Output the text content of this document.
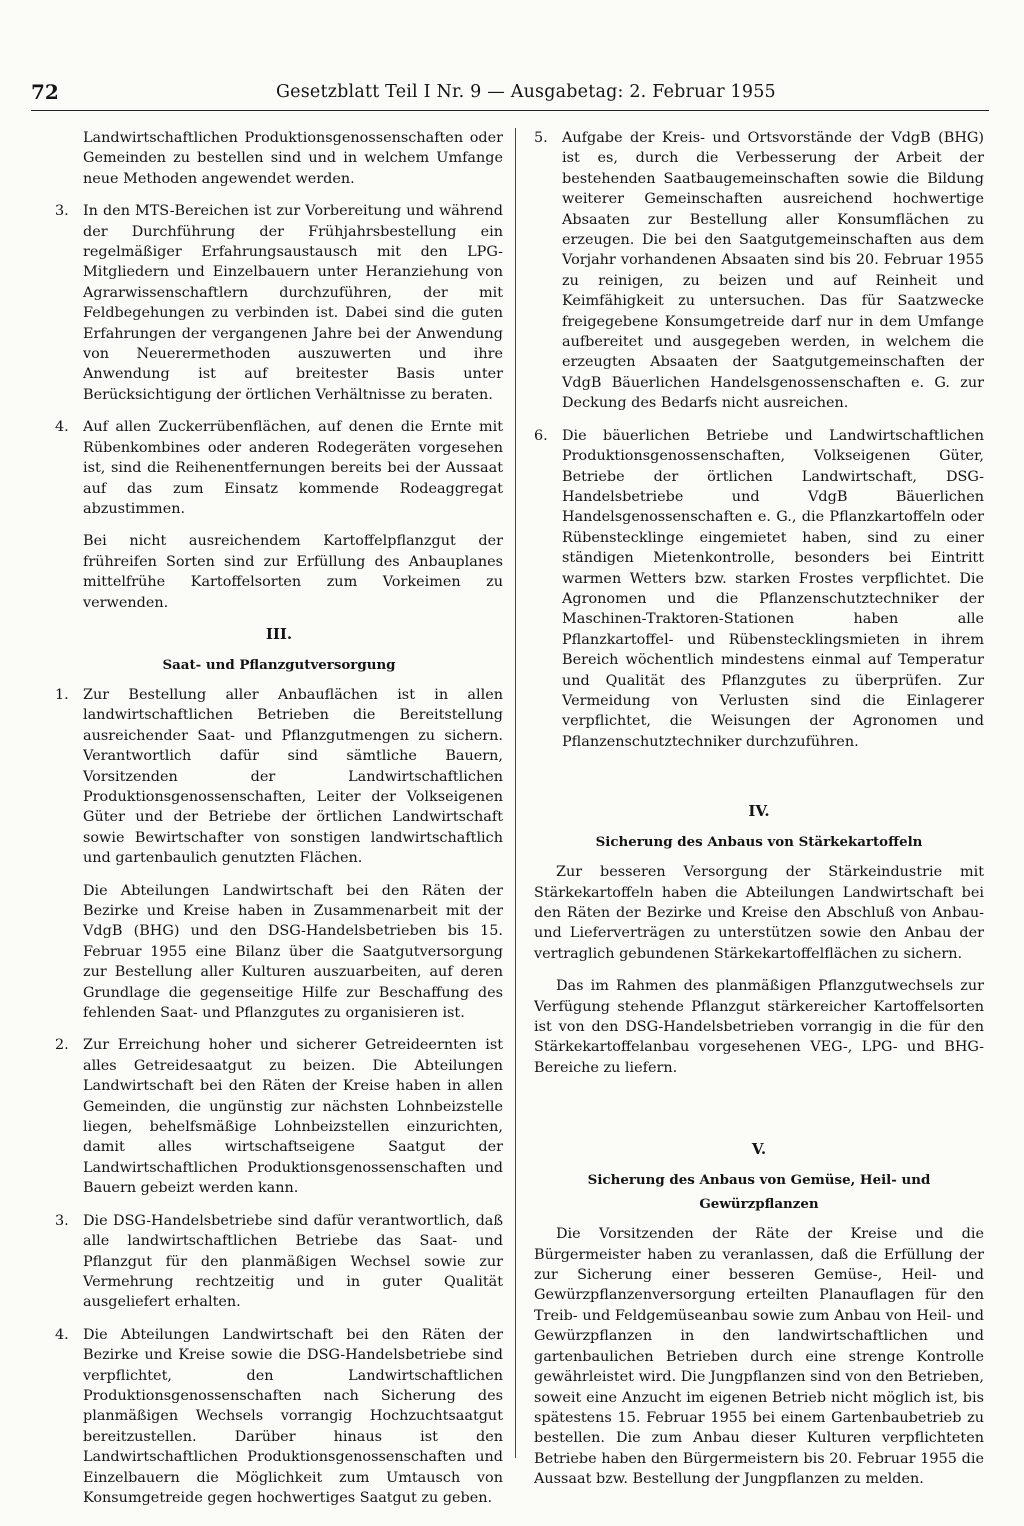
72	Gesetzblatt Teil I Nr. 9 — Ausgabetag: 2. Februar 1955

Landwirtschaftlichen Produktionsgenossenschaften oder Gemeinden zu bestellen sind und in welchem Umfange neue Methoden angewendet werden.

3. In den MTS-Bereichen ist zur Vorbereitung und während der Durchführung der Frühjahrsbestellung ein regelmäßiger Erfahrungsaustausch mit den LPG-Mitgliedern und Einzelbauern unter Heranziehung von Agrarwissenschaftlern durchzuführen, der mit Feldbegehungen zu verbinden ist. Dabei sind die guten Erfahrungen der vergangenen Jahre bei der Anwendung von Neuerermethoden auszuwerten und ihre Anwendung ist auf breitester Basis unter Berücksichtigung der örtlichen Verhältnisse zu beraten.
4. Auf allen Zuckerrübenflächen, auf denen die Ernte mit Rübenkombines oder anderen Rodegeräten vorgesehen ist, sind die Reihenentfernungen bereits bei der Aussaat auf das zum Einsatz kommende Rodeaggregat abzustimmen.

Bei nicht ausreichendem Kartoffelpflanzgut der frühreifen Sorten sind zur Erfüllung des Anbauplanes mittelfrühe Kartoffelsorten zum Vorkeimen zu verwenden.

III.
Saat- und Pflanzgutversorgung
1. Zur Bestellung aller Anbauflächen ist in allen landwirtschaftlichen Betrieben die Bereitstellung ausreichender Saat- und Pflanzgutmengen zu sichern. Verantwortlich dafür sind sämtliche Bauern, Vorsitzenden der Landwirtschaftlichen Produktionsgenossenschaften, Leiter der Volkseigenen Güter und der Betriebe der örtlichen Landwirtschaft sowie Bewirtschafter von sonstigen landwirtschaftlich und gartenbaulich genutzten Flächen.

Die Abteilungen Landwirtschaft bei den Räten der Bezirke und Kreise haben in Zusammenarbeit mit der VdgB (BHG) und den DSG-Handelsbetrieben bis 15. Februar 1955 eine Bilanz über die Saatgutversorgung zur Bestellung aller Kulturen auszuarbeiten, auf deren Grundlage die gegenseitige Hilfe zur Beschaffung des fehlenden Saat- und Pflanzgutes zu organisieren ist.

2. Zur Erreichung hoher und sicherer Getreideernten ist alles Getreidesaatgut zu beizen. Die Abteilungen Landwirtschaft bei den Räten der Kreise haben in allen Gemeinden, die ungünstig zur nächsten Lohnbeizstelle liegen, behelfsmäßige Lohnbeizstellen einzurichten, damit alles wirtschaftseigene Saatgut der Landwirtschaftlichen Produktionsgenossenschaften und Bauern gebeizt werden kann.
3. Die DSG-Handelsbetriebe sind dafür verantwortlich, daß alle landwirtschaftlichen Betriebe das Saat- und Pflanzgut für den planmäßigen Wechsel sowie zur Vermehrung rechtzeitig und in guter Qualität ausgeliefert erhalten.
4. Die Abteilungen Landwirtschaft bei den Räten der Bezirke und Kreise sowie die DSG-Handelsbetriebe sind verpflichtet, den Landwirtschaftlichen Produktionsgenossenschaften nach Sicherung des planmäßigen Wechsels vorrangig Hochzuchtsaatgut bereitzustellen. Darüber hinaus ist den Landwirtschaftlichen Produktionsgenossenschaften und Einzelbauern die Möglichkeit zum Umtausch von Konsumgetreide gegen hochwertiges Saatgut zu geben.
5. Aufgabe der Kreis- und Ortsvorstände der VdgB (BHG) ist es, durch die Verbesserung der Arbeit der bestehenden Saatbaugemeinschaften sowie die Bildung weiterer Gemeinschaften ausreichend hochwertige Absaaten zur Bestellung aller Konsumflächen zu erzeugen. Die bei den Saatgutgemeinschaften aus dem Vorjahr vorhandenen Absaaten sind bis 20. Februar 1955 zu reinigen, zu beizen und auf Reinheit und Keimfähigkeit zu untersuchen. Das für Saatzwecke freigegebene Konsumgetreide darf nur in dem Umfange aufbereitet und ausgegeben werden, in welchem die erzeugten Absaaten der Saatgutgemeinschaften der VdgB Bäuerlichen Handelsgenossenschaften e. G. zur Deckung des Bedarfs nicht ausreichen.
6. Die bäuerlichen Betriebe und Landwirtschaftlichen Produktionsgenossenschaften, Volkseigenen Güter, Betriebe der örtlichen Landwirtschaft, DSG-Handelsbetriebe und VdgB Bäuerlichen Handelsgenossenschaften e. G., die Pflanzkartoffeln oder Rübenstecklinge eingemietet haben, sind zu einer ständigen Mietenkontrolle, besonders bei Eintritt warmen Wetters bzw. starken Frostes verpflichtet. Die Agronomen und die Pflanzenschutztechniker der Maschinen-Traktoren-Stationen haben alle Pflanzkartoffel- und Rübenstecklingsmieten in ihrem Bereich wöchentlich mindestens einmal auf Temperatur und Qualität des Pflanzgutes zu überprüfen. Zur Vermeidung von Verlusten sind die Einlagerer verpflichtet, die Weisungen der Agronomen und Pflanzenschutztechniker durchzuführen.
IV.
Sicherung des Anbaus von Stärkekartoffeln

Zur besseren Versorgung der Stärkeindustrie mit Stärkekartoffeln haben die Abteilungen Landwirtschaft bei den Räten der Bezirke und Kreise den Abschluß von Anbau- und Lieferverträgen zu unterstützen sowie den Anbau der vertraglich gebundenen Stärkekartoffelflächen zu sichern.

Das im Rahmen des planmäßigen Pflanzgutwechsels zur Verfügung stehende Pflanzgut stärkereicher Kartoffelsorten ist von den DSG-Handelsbetrieben vorrangig in die für den Stärkekartoffelanbau vorgesehenen VEG-, LPG- und BHG-Bereiche zu liefern.

V.
Sicherung des Anbaus von Gemüse, Heil- und Gewürzpflanzen

Die Vorsitzenden der Räte der Kreise und die Bürgermeister haben zu veranlassen, daß die Erfüllung der zur Sicherung einer besseren Gemüse-, Heil- und Gewürzpflanzenversorgung erteilten Planauflagen für den Treib- und Feldgemüseanbau sowie zum Anbau von Heil- und Gewürzpflanzen in den landwirtschaftlichen und gartenbaulichen Betrieben durch eine strenge Kontrolle gewährleistet wird. Die Jungpflanzen sind von den Betrieben, soweit eine Anzucht im eigenen Betrieb nicht möglich ist, bis spätestens 15. Februar 1955 bei einem Gartenbaubetrieb zu bestellen. Die zum Anbau dieser Kulturen verpflichteten Betriebe haben den Bürgermeistern bis 20. Februar 1955 die Aussaat bzw. Bestellung der Jungpflanzen zu melden.
